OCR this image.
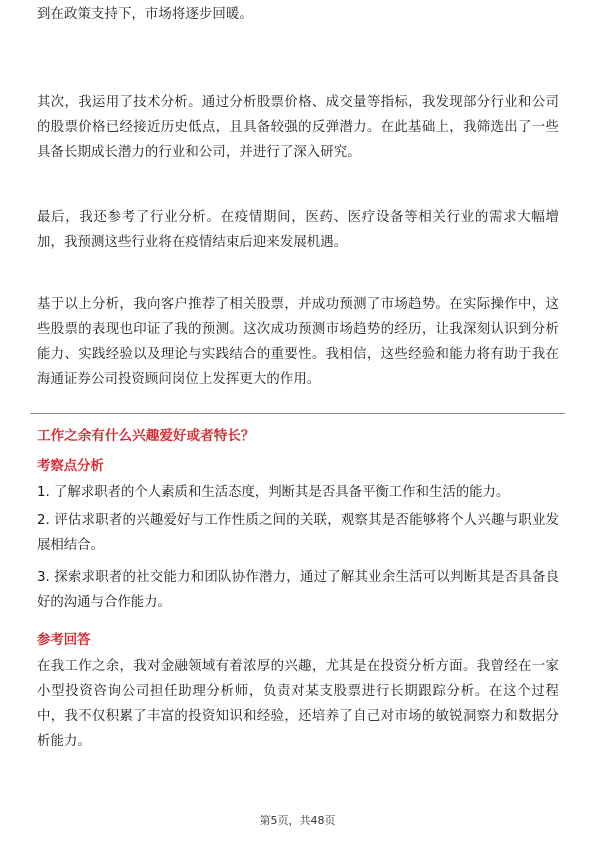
到在政策支持下，市场将逐步回暖。

其次，我运用了技术分析。通过分析股票价格、成交量等指标，我发现部分行业和公司的股票价格已经接近历史低点，且具备较强的反弹潜力。在此基础上，我筛选出了一些具备长期成长潜力的行业和公司，并进行了深入研究。

最后，我还参考了行业分析。在疫情期间，医药、医疗设备等相关行业的需求大幅增加，我预测这些行业将在疫情结束后迎来发展机遇。

基于以上分析，我向客户推荐了相关股票，并成功预测了市场趋势。在实际操作中，这些股票的表现也印证了我的预测。这次成功预测市场趋势的经历，让我深刻认识到分析能力、实践经验以及理论与实践结合的重要性。我相信，这些经验和能力将有助于我在海通证券公司投资顾问岗位上发挥更大的作用。

工作之余有什么兴趣爱好或者特长？

考察点分析

1. 了解求职者的个人素质和生活态度，判断其是否具备平衡工作和生活的能力。

2. 评估求职者的兴趣爱好与工作性质之间的关联，观察其是否能够将个人兴趣与职业发展相结合。

3. 探索求职者的社交能力和团队协作潜力，通过了解其业余生活可以判断其是否具备良好的沟通与合作能力。

参考回答

在我工作之余，我对金融领域有着浓厚的兴趣，尤其是在投资分析方面。我曾经在一家小型投资咨询公司担任助理分析师，负责对某支股票进行长期跟踪分析。在这个过程中，我不仅积累了丰富的投资知识和经验，还培养了自己对市场的敏锐洞察力和数据分析能力。

第5页，共48页
